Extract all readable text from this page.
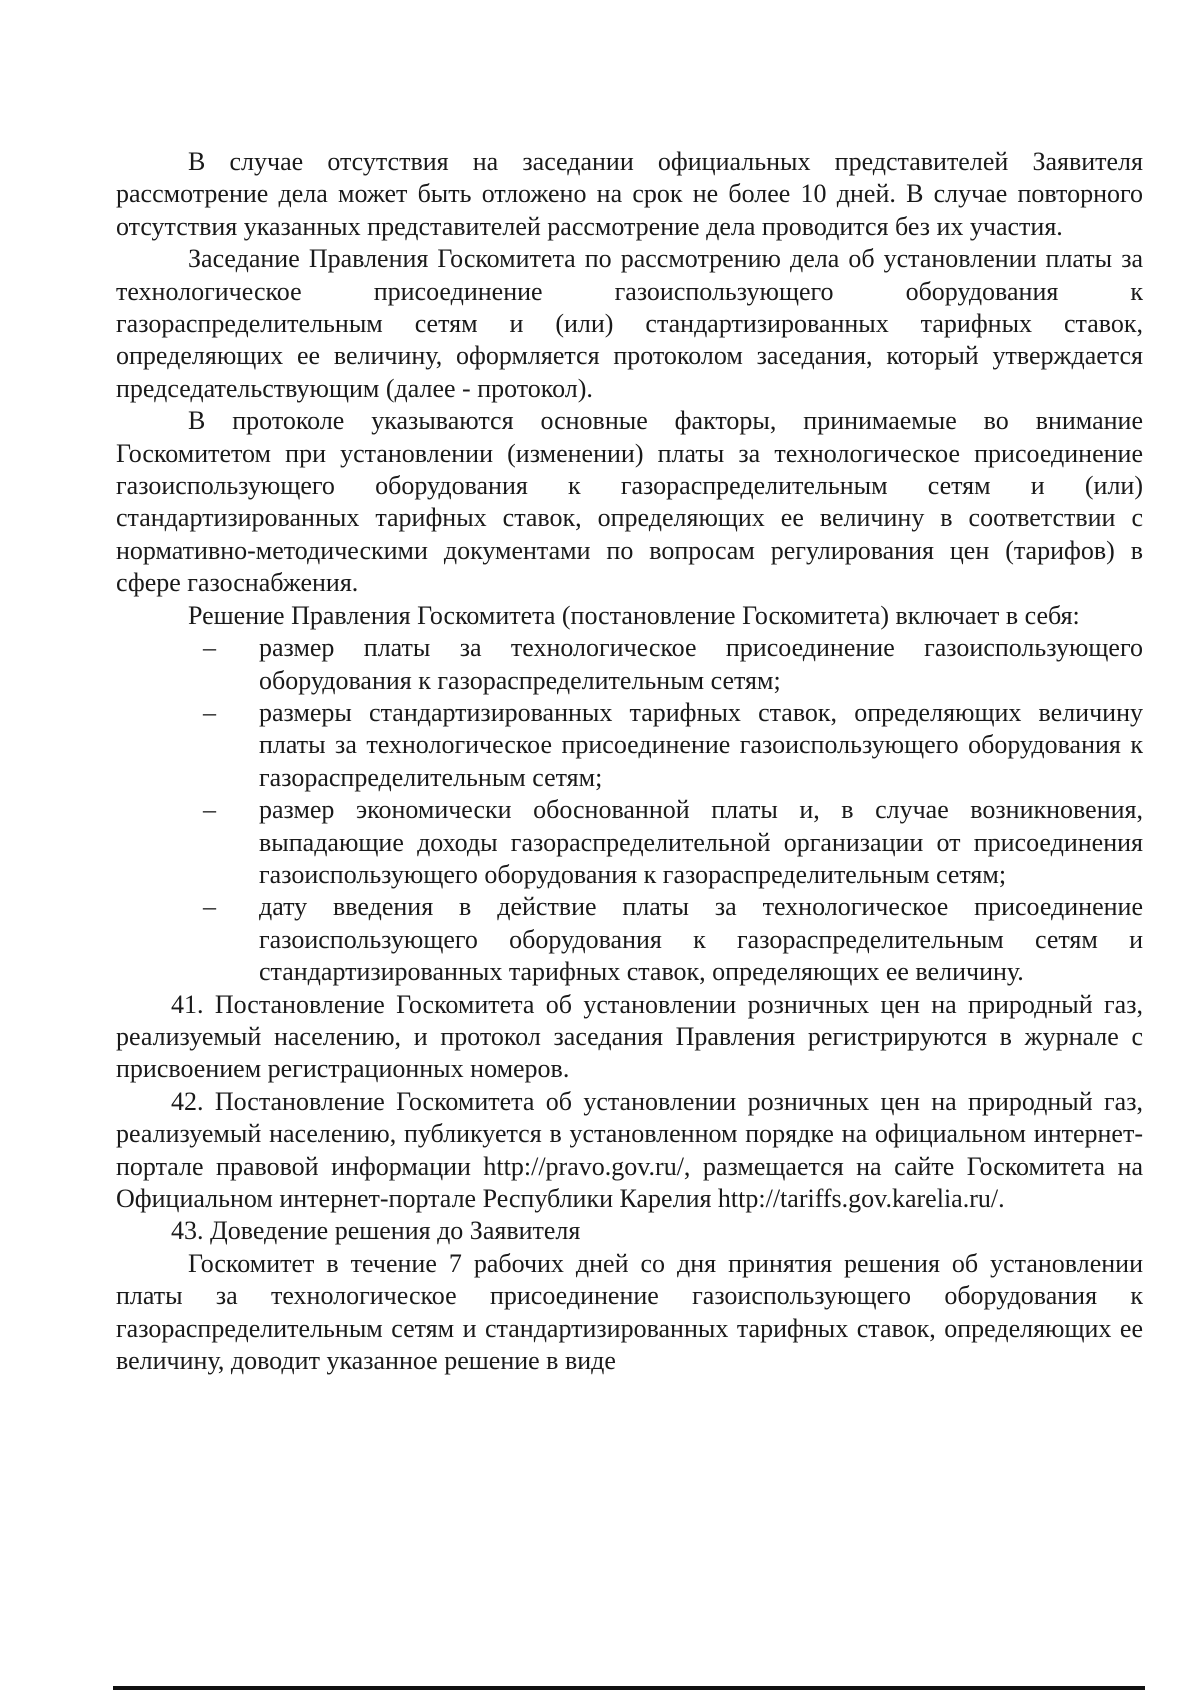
В случае отсутствия на заседании официальных представителей Заявителя рассмотрение дела может быть отложено на срок не более 10 дней. В случае повторного отсутствия указанных представителей рассмотрение дела проводится без их участия.

Заседание Правления Госкомитета по рассмотрению дела об установлении платы за технологическое присоединение газоиспользующего оборудования к газораспределительным сетям и (или) стандартизированных тарифных ставок, определяющих ее величину, оформляется протоколом заседания, который утверждается председательствующим (далее - протокол).

В протоколе указываются основные факторы, принимаемые во внимание Госкомитетом при установлении (изменении) платы за технологическое присоединение газоиспользующего оборудования к газораспределительным сетям и (или) стандартизированных тарифных ставок, определяющих ее величину в соответствии с нормативно-методическими документами по вопросам регулирования цен (тарифов) в сфере газоснабжения.

Решение Правления Госкомитета (постановление Госкомитета) включает в себя:

– размер платы за технологическое присоединение газоиспользующего оборудования к газораспределительным сетям;
– размеры стандартизированных тарифных ставок, определяющих величину платы за технологическое присоединение газоиспользующего оборудования к газораспределительным сетям;
– размер экономически обоснованной платы и, в случае возникновения, выпадающие доходы газораспределительной организации от присоединения газоиспользующего оборудования к газораспределительным сетям;
– дату введения в действие платы за технологическое присоединение газоиспользующего оборудования к газораспределительным сетям и стандартизированных тарифных ставок, определяющих ее величину.

41. Постановление Госкомитета об установлении розничных цен на природный газ, реализуемый населению, и протокол заседания Правления регистрируются в журнале с присвоением регистрационных номеров.

42. Постановление Госкомитета об установлении розничных цен на природный газ, реализуемый населению, публикуется в установленном порядке на официальном интернет-портале правовой информации http://pravo.gov.ru/, размещается на сайте Госкомитета на Официальном интернет-портале Республики Карелия http://tariffs.gov.karelia.ru/.

43. Доведение решения до Заявителя

Госкомитет в течение 7 рабочих дней со дня принятия решения об установлении платы за технологическое присоединение газоиспользующего оборудования к газораспределительным сетям и стандартизированных тарифных ставок, определяющих ее величину, доводит указанное решение в виде
